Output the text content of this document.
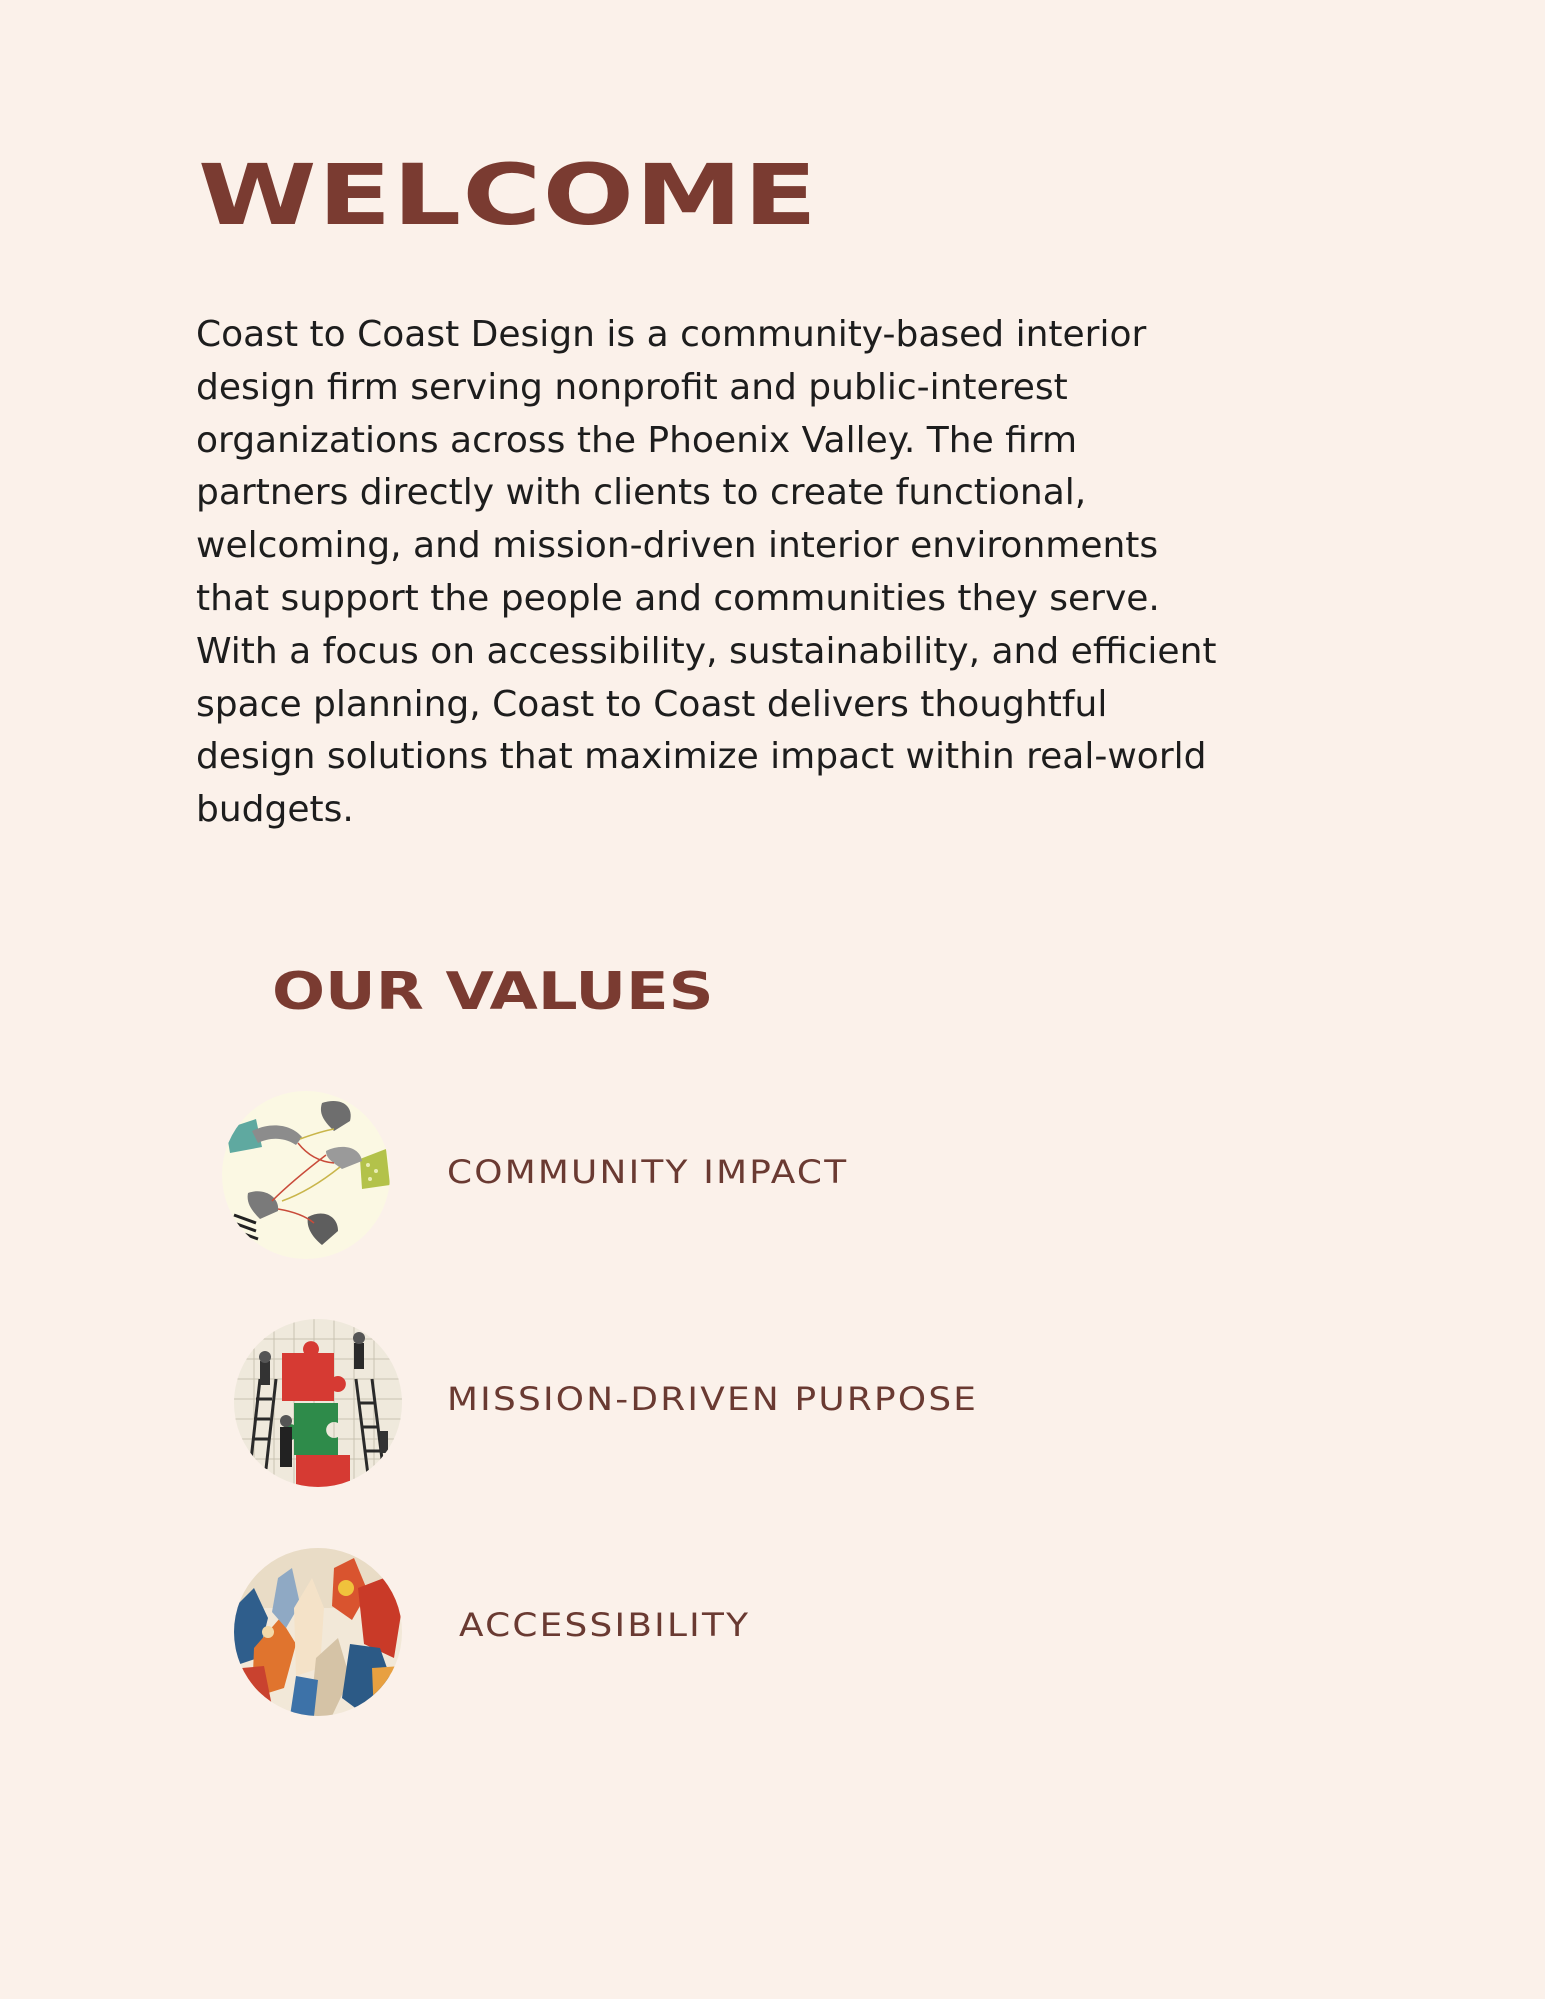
WELCOME

Coast to Coast Design is a community-based interior
design firm serving nonprofit and public-interest
organizations across the Phoenix Valley. The firm
partners directly with clients to create functional,
welcoming, and mission-driven interior environments
that support the people and communities they serve.
With a focus on accessibility, sustainability, and efficient
space planning, Coast to Coast delivers thoughtful
design solutions that maximize impact within real-world
budgets.

OUR VALUES

COMMUNITY IMPACT

MISSION-DRIVEN PURPOSE

ACCESSIBILITY
